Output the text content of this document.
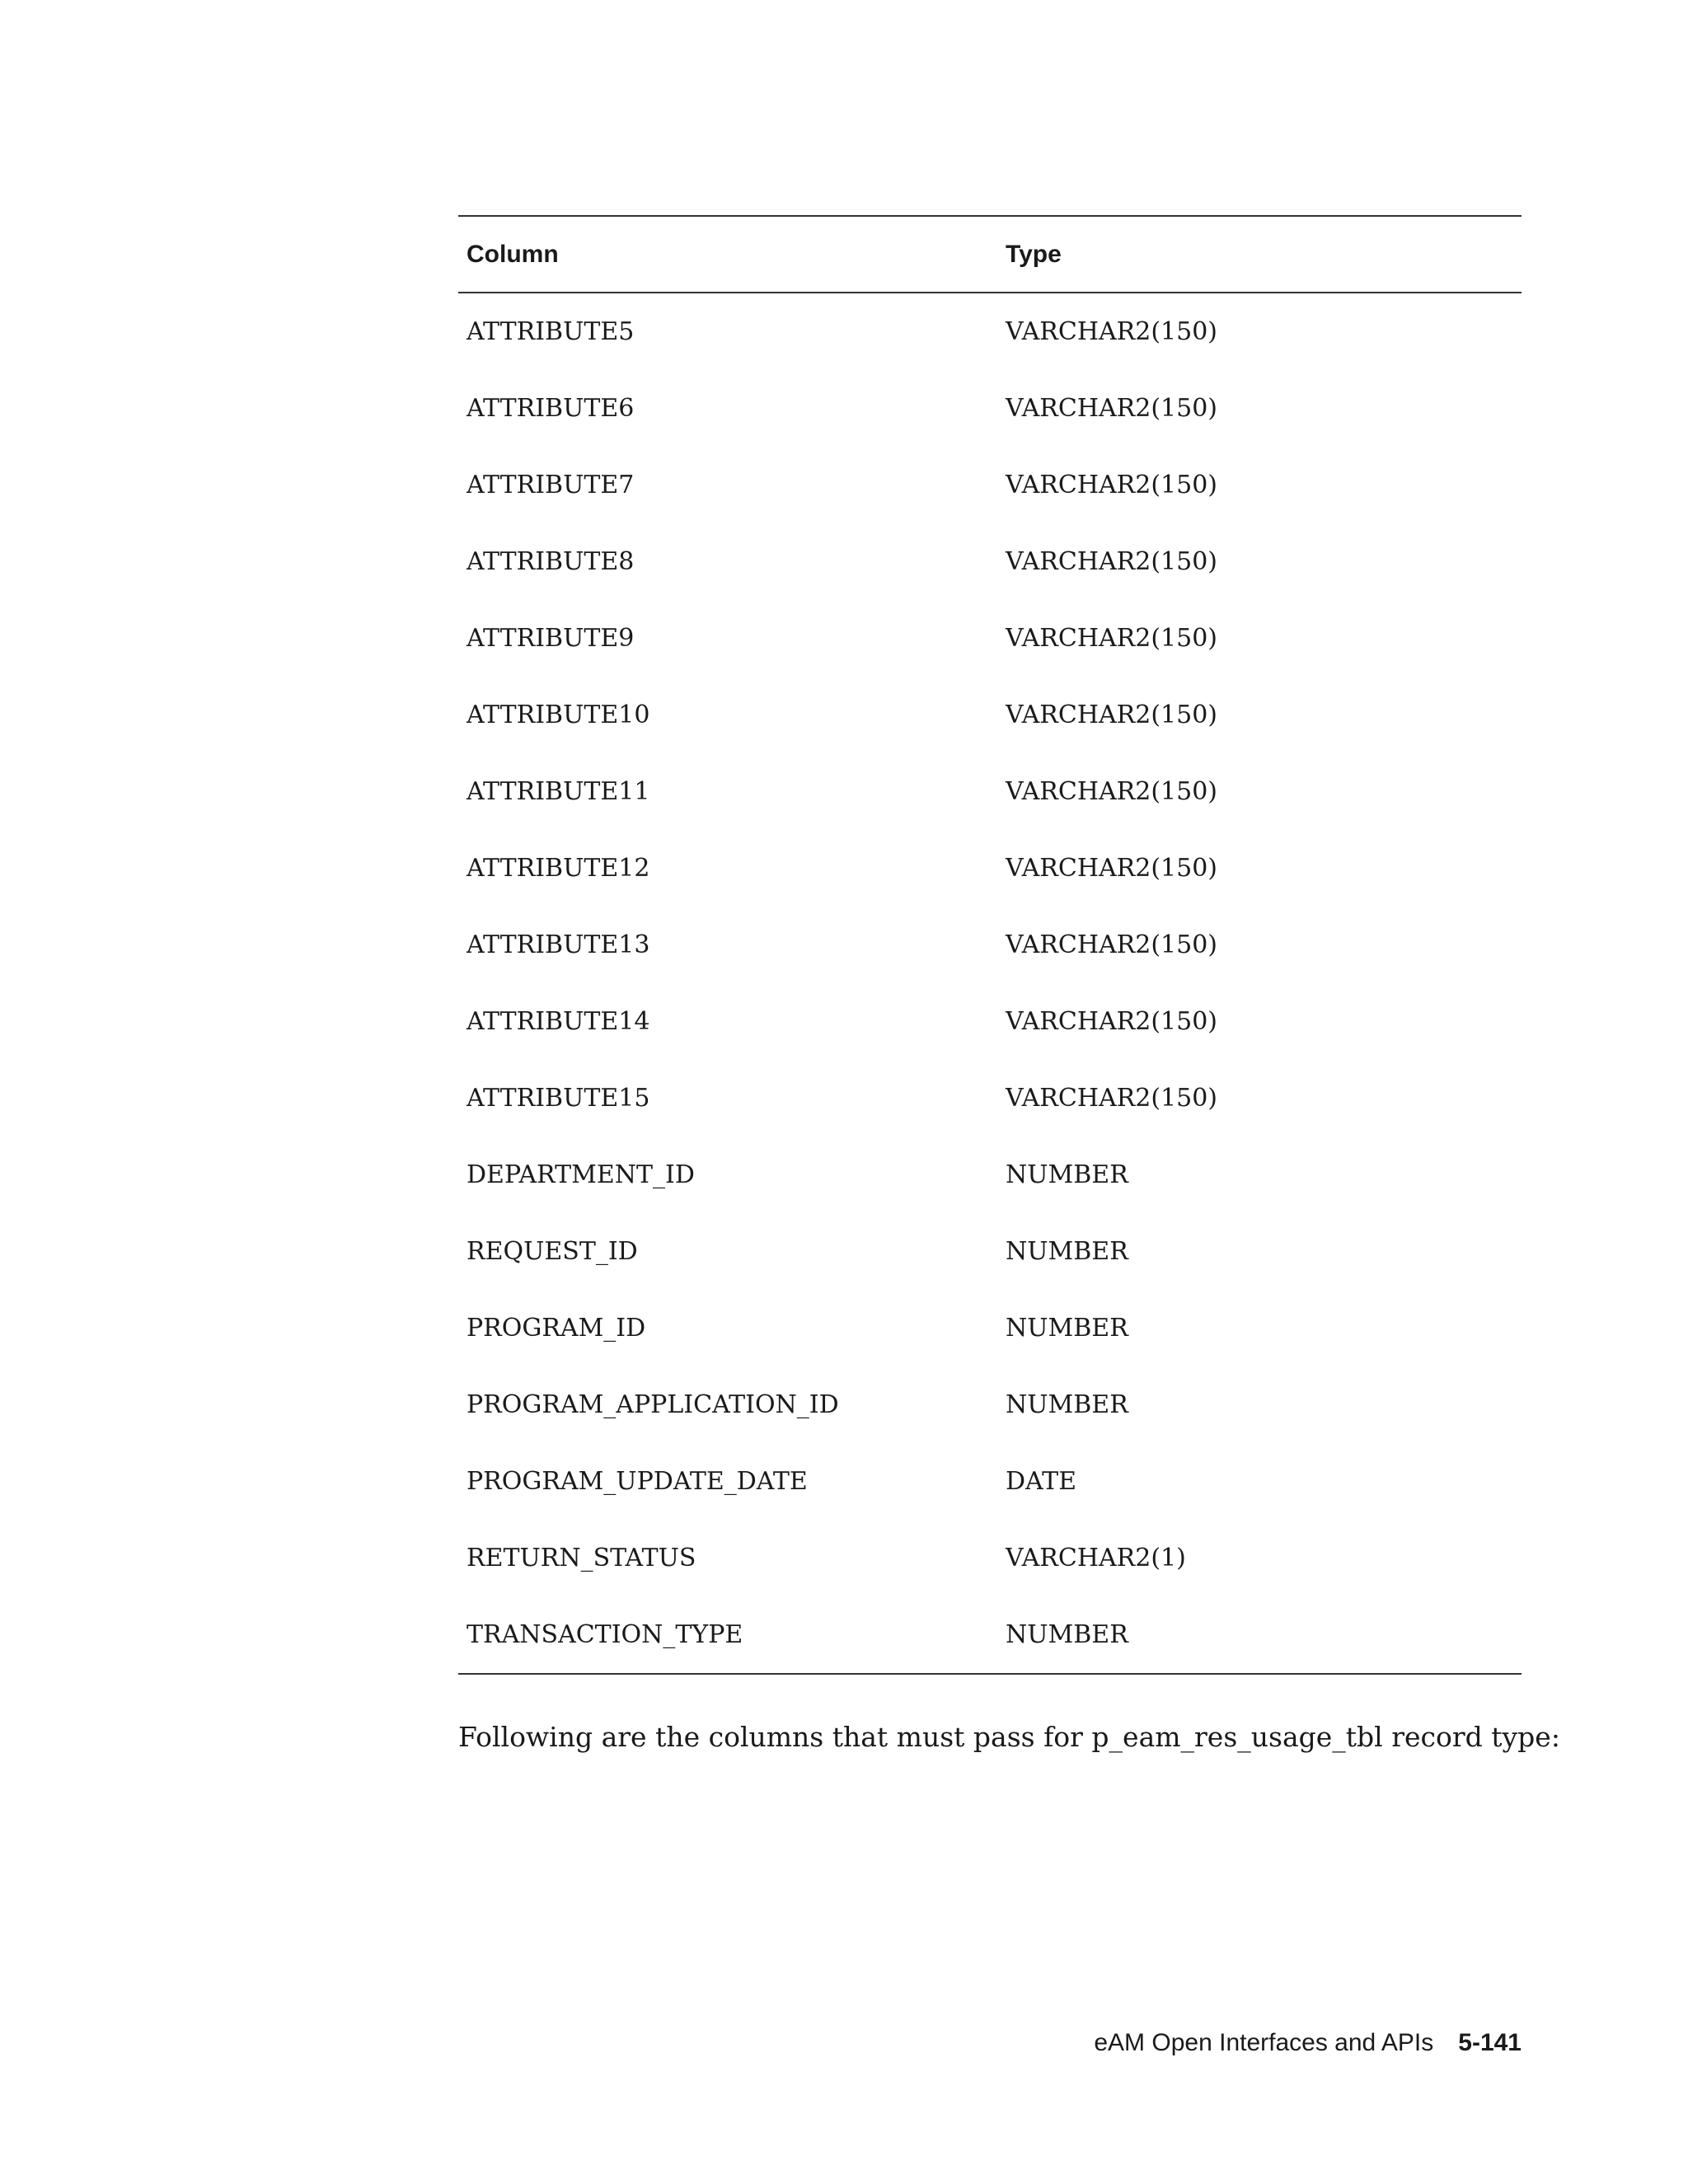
Column	Type
ATTRIBUTE5	VARCHAR2(150)
ATTRIBUTE6	VARCHAR2(150)
ATTRIBUTE7	VARCHAR2(150)
ATTRIBUTE8	VARCHAR2(150)
ATTRIBUTE9	VARCHAR2(150)
ATTRIBUTE10	VARCHAR2(150)
ATTRIBUTE11	VARCHAR2(150)
ATTRIBUTE12	VARCHAR2(150)
ATTRIBUTE13	VARCHAR2(150)
ATTRIBUTE14	VARCHAR2(150)
ATTRIBUTE15	VARCHAR2(150)
DEPARTMENT_ID	NUMBER
REQUEST_ID	NUMBER
PROGRAM_ID	NUMBER
PROGRAM_APPLICATION_ID	NUMBER
PROGRAM_UPDATE_DATE	DATE
RETURN_STATUS	VARCHAR2(1)
TRANSACTION_TYPE	NUMBER
Following are the columns that must pass for p_eam_res_usage_tbl record type:
eAM Open Interfaces and APIs 5-141
